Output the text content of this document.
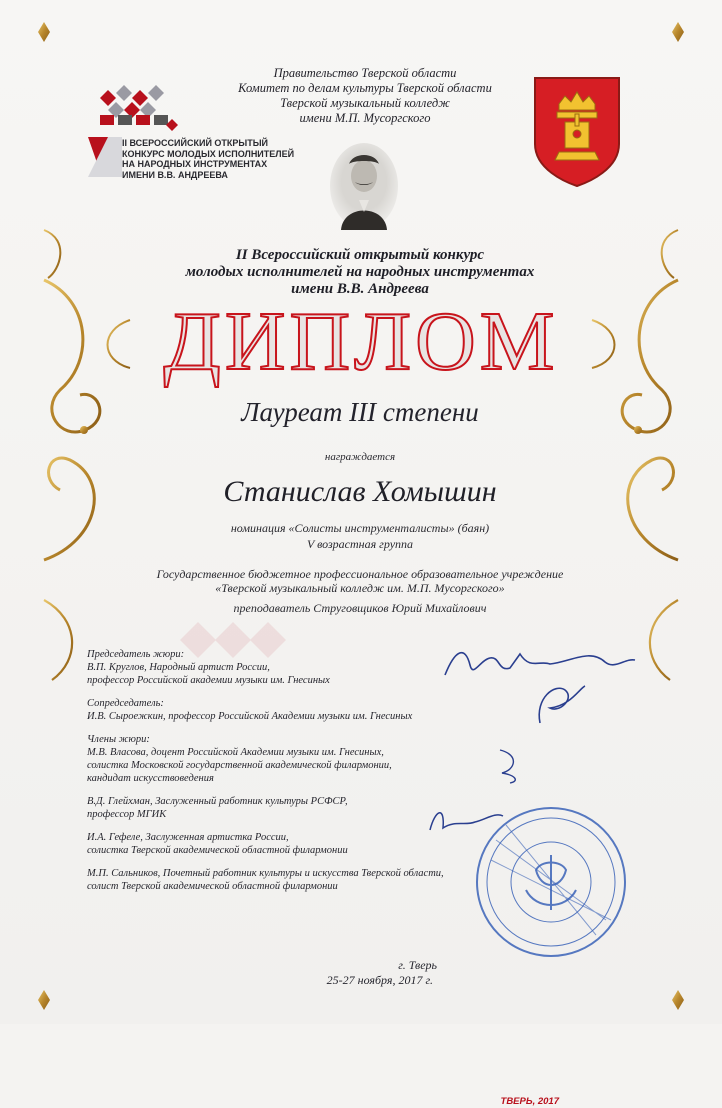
II ВСЕРОССИЙСКИЙ ОТКРЫТЫЙ
КОНКУРС МОЛОДЫХ ИСПОЛНИТЕЛЕЙ
НА НАРОДНЫХ ИНСТРУМЕНТАХ
ИМЕНИ В.В. АНДРЕЕВА
ТВЕРЬ, 2017
Правительство Тверской области
Комитет по делам культуры Тверской области
Тверской музыкальный колледж
имени М.П. Мусоргского
II Всероссийский открытый конкурс
молодых исполнителей на народных инструментах
имени В.В. Андреева
ДИПЛОМ
Лауреат III степени
награждается
Станислав Хомышин
номинация «Солисты инструменталисты» (баян)
V возрастная группа
Государственное бюджетное профессиональное образовательное учреждение
«Тверской музыкальный колледж им. М.П. Мусоргского»
преподаватель Струговщиков Юрий Михайлович
Председатель жюри:
В.П. Круглов, Народный артист России,
профессор Российской академии музыки им. Гнесиных
Сопредседатель:
И.В. Сыроежкин, профессор Российской Академии музыки им. Гнесиных
Члены жюри:
М.В. Власова, доцент Российской Академии музыки им. Гнесиных,
солистка Московской государственной академической филармонии,
кандидат искусствоведения
В.Д. Глейхман, Заслуженный работник культуры РСФСР,
профессор МГИК
И.А. Гефеле, Заслуженная артистка России,
солистка Тверской академической областной филармонии
М.П. Сальников, Почетный работник культуры и искусства Тверской области,
солист Тверской академической областной филармонии
г. Тверь
25-27 ноября, 2017 г.
